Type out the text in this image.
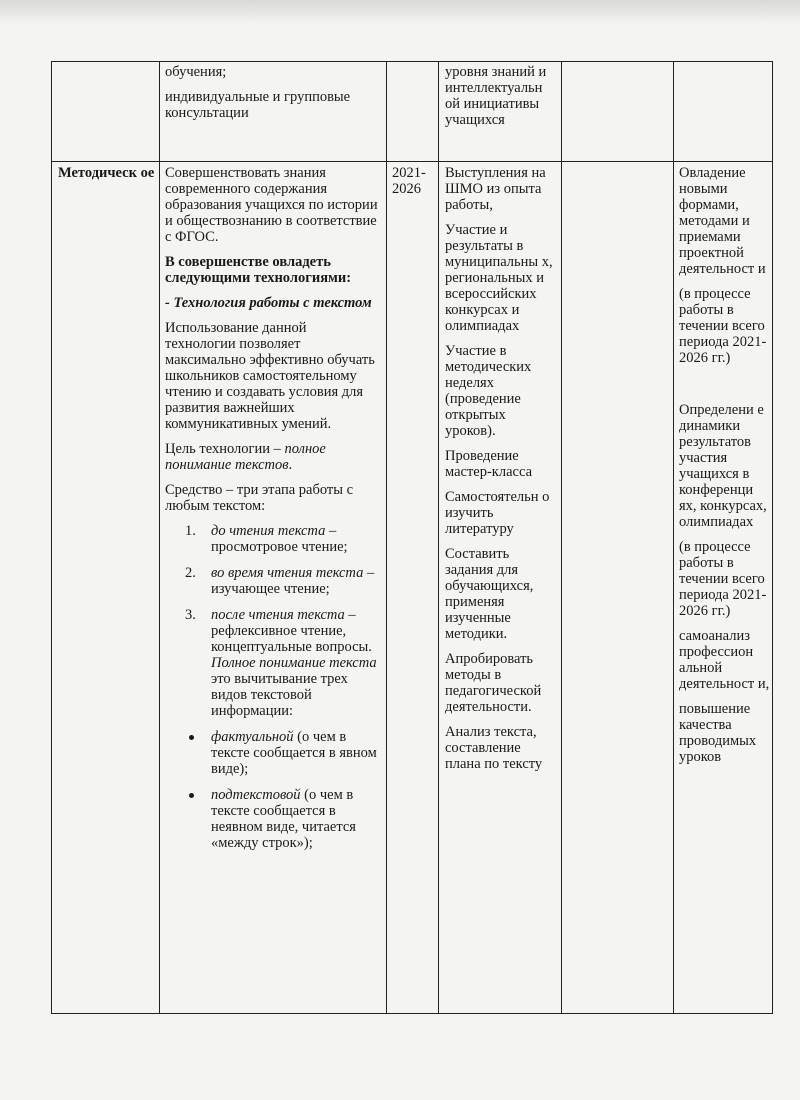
обучения;

индивидуальные и групповые консультации

уровня знаний и интеллектуальн ой инициативы учащихся

Методическ ое Совершенствовать знания современного содержания образования учащихся по истории и обществознанию в соответствие с ФГОС.

В совершенстве овладеть следующими технологиями:

- Технология работы с текстом

Использование данной технологии позволяет максимально эффективно обучать школьников самостоятельному чтению и создавать условия для развития важнейших коммуникативных умений.

Цель технологии – полное понимание текстов.

Средство – три этапа работы с любым текстом:

1. до чтения текста –
просмотровое чтение;
2. во время чтения текста – изучающее чтение;
3. после чтения текста – рефлексивное чтение, концептуальные вопросы.
Полное понимание текста это вычитывание трех видов текстовой информации:
фактуальной (о чем в тексте сообщается в явном виде);
подтекстовой (о чем в тексте сообщается в неявном виде, читается «между строк»);

2021-2026

Выступления на ШМО из опыта работы,

Участие и результаты в муниципальны х, региональных и всероссийских конкурсах и олимпиадах

Участие в методических неделях (проведение открытых уроков).

Проведение мастер-класса

Самостоятельн о изучить литературу

Составить задания для обучающихся, применяя изученные методики.

Апробировать методы в педагогической деятельности.

Анализ текста, составление плана по тексту

Овладение новыми формами, методами и приемами проектной деятельност и

(в процессе работы в течении всего периода 2021-2026 гг.)

Определени е динамики результатов участия учащихся в конференци ях, конкурсах, олимпиадах

(в процессе работы в течении всего периода 2021-2026 гг.)

самоанализ профессион альной деятельност и,

повышение качества проводимых уроков
